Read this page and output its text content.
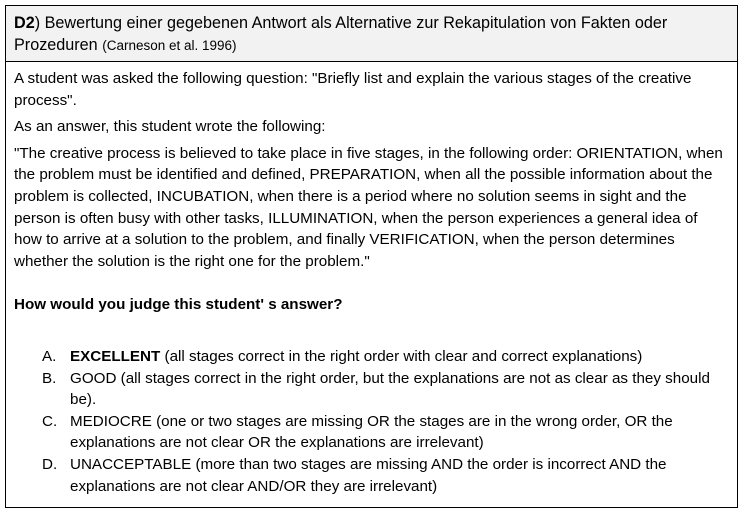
D2) Bewertung einer gegebenen Antwort als Alternative zur Rekapitulation von Fakten oder Prozeduren (Carneson et al. 1996)

A student was asked the following question: "Briefly list and explain the various stages of the creative process".

As an answer, this student wrote the following:

"The creative process is believed to take place in five stages, in the following order: ORIENTATION, when the problem must be identified and defined, PREPARATION, when all the possible information about the problem is collected, INCUBATION, when there is a period where no solution seems in sight and the person is often busy with other tasks, ILLUMINATION, when the person experiences a general idea of how to arrive at a solution to the problem, and finally VERIFICATION, when the person determines whether the solution is the right one for the problem."

How would you judge this student' s answer?

A. EXCELLENT (all stages correct in the right order with clear and correct explanations)
B. GOOD (all stages correct in the right order, but the explanations are not as clear as they should be).
C. MEDIOCRE (one or two stages are missing OR the stages are in the wrong order, OR the explanations are not clear OR the explanations are irrelevant)
D. UNACCEPTABLE (more than two stages are missing AND the order is incorrect AND the explanations are not clear AND/OR they are irrelevant)
